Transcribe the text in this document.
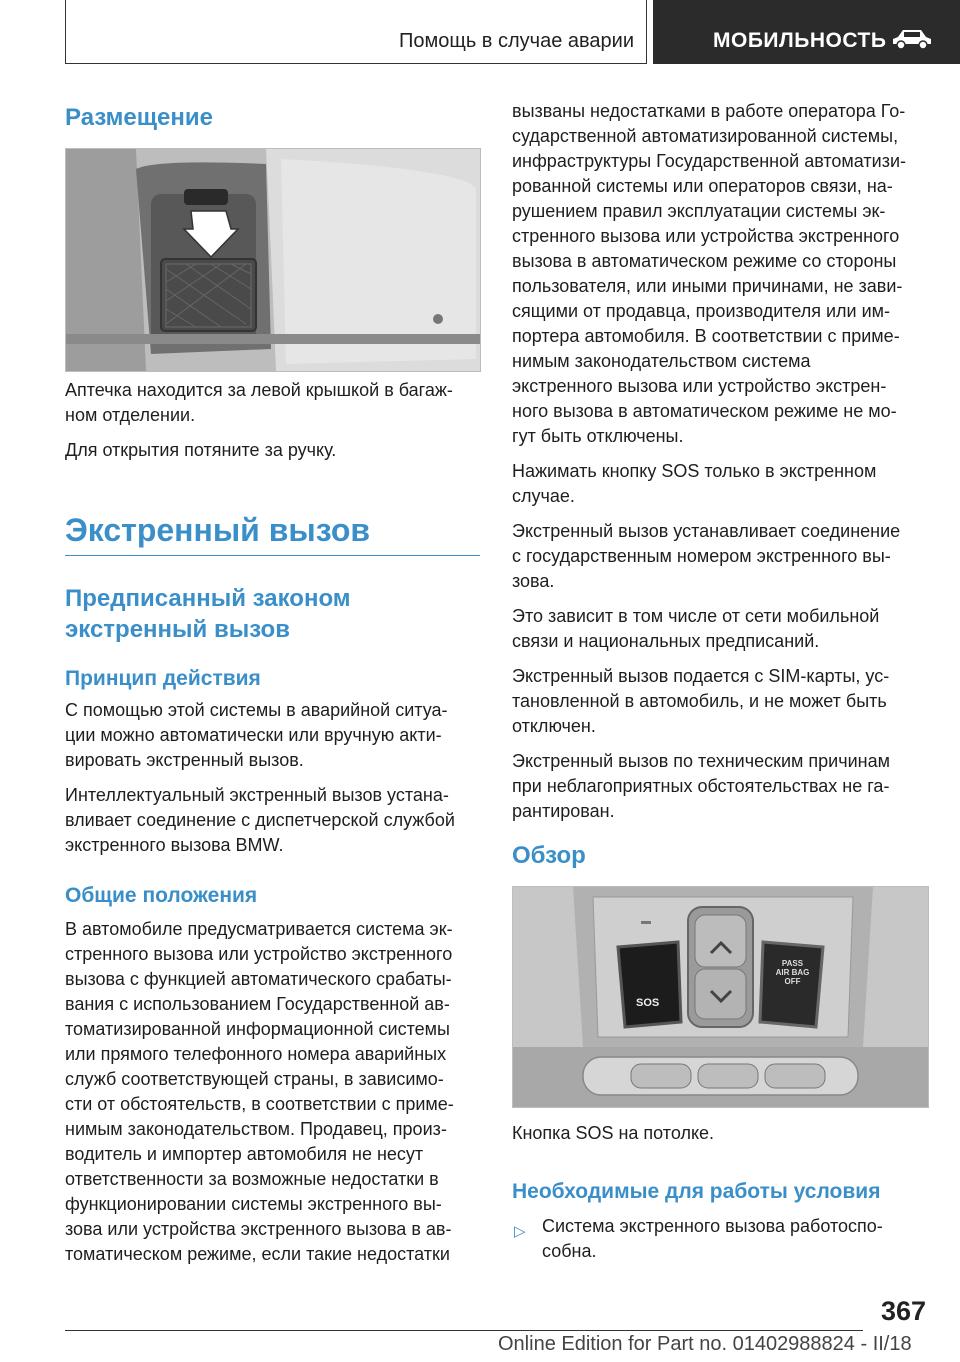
Помощь в случае аварии	МОБИЛЬНОСТЬ
Размещение

Аптечка находится за левой крышкой в багаж-

ном отделении.

Для открытия потяните за ручку.

Экстренный вызов
Предписанный законом
экстренный вызов
Принцип действия

С помощью этой системы в аварийной ситуа-

ции можно автоматически или вручную акти-

вировать экстренный вызов.

Интеллектуальный экстренный вызов устана-

вливает соединение с диспетчерской службой

экстренного вызова BMW.

Общие положения

В автомобиле предусматривается система эк-

стренного вызова или устройство экстренного

вызова с функцией автоматического срабаты-

вания с использованием Государственной ав-

томатизированной информационной системы

или прямого телефонного номера аварийных

служб соответствующей страны, в зависимо-

сти от обстоятельств, в соответствии с приме-

нимым законодательством. Продавец, произ-

водитель и импортер автомобиля не несут

ответственности за возможные недостатки в

функционировании системы экстренного вы-

зова или устройства экстренного вызова в ав-

томатическом режиме, если такие недостатки

вызваны недостатками в работе оператора Го-

сударственной автоматизированной системы,

инфраструктуры Государственной автоматизи-

рованной системы или операторов связи, на-

рушением правил эксплуатации системы эк-

стренного вызова или устройства экстренного

вызова в автоматическом режиме со стороны

пользователя, или иными причинами, не зави-

сящими от продавца, производителя или им-

портера автомобиля. В соответствии с приме-

нимым законодательством система

экстренного вызова или устройство экстрен-

ного вызова в автоматическом режиме не мо-

гут быть отключены.

Нажимать кнопку SOS только в экстренном

случае.

Экстренный вызов устанавливает соединение

с государственным номером экстренного вы-

зова.

Это зависит в том числе от сети мобильной

связи и национальных предписаний.

Экстренный вызов подается с SIM-карты, ус-

тановленной в автомобиль, и не может быть

отключен.

Экстренный вызов по техническим причинам

при неблагоприятных обстоятельствах не га-

рантирован.

Обзор
SOS
PASS
AIR BAG
OFF

Кнопка SOS на потолке.

Необходимые для работы условия
▷ Система экстренного вызова работоспо-

собна.

367
Online Edition for Part no. 01402988824 - II/18
